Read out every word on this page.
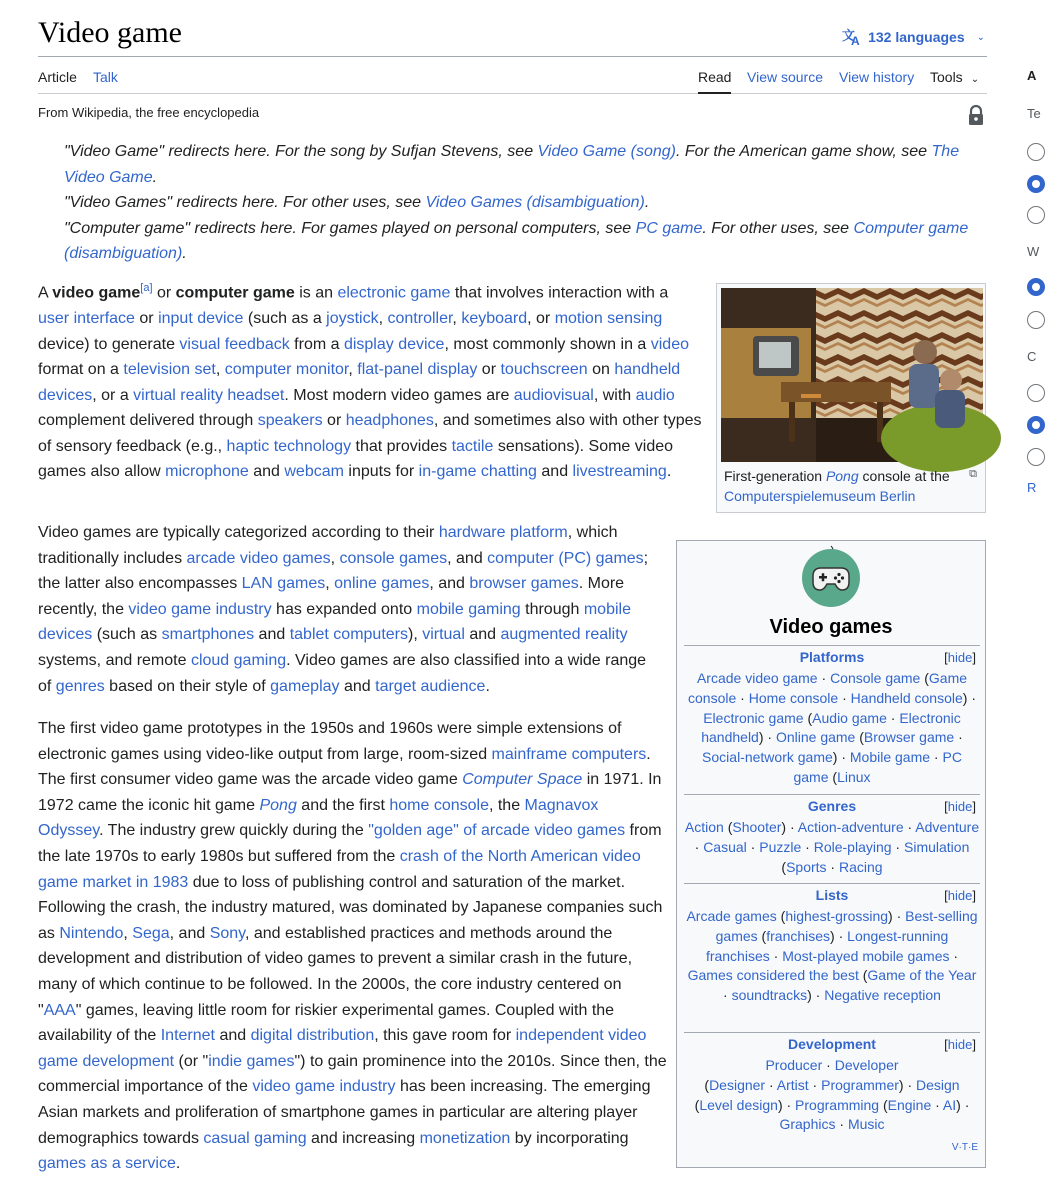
Video game	文
A 132 languages ⌄
Article Talk	Read View source View history Tools ⌄
From Wikipedia, the free encyclopedia

"Video Game" redirects here. For the song by Sufjan Stevens, see Video Game (song). For the American game show, see The Video Game.

"Video Games" redirects here. For other uses, see Video Games (disambiguation).

"Computer game" redirects here. For games played on personal computers, see PC game. For other uses, see Computer game (disambiguation).

A video game[a] or computer game is an electronic game that involves interaction with a user interface or input device (such as a joystick, controller, keyboard, or motion sensing device) to generate visual feedback from a display device, most commonly shown in a video format on a television set, computer monitor, flat-panel display or touchscreen on handheld devices, or a virtual reality headset. Most modern video games are audiovisual, with audio complement delivered through speakers or headphones, and sometimes also with other types of sensory feedback (e.g., haptic technology that provides tactile sensations). Some video games also allow microphone and webcam inputs for in-game chatting and livestreaming.

Video games are typically categorized according to their hardware platform, which traditionally includes arcade video games, console games, and computer (PC) games; the latter also encompasses LAN games, online games, and browser games. More recently, the video game industry has expanded onto mobile gaming through mobile devices (such as smartphones and tablet computers), virtual and augmented reality systems, and remote cloud gaming. Video games are also classified into a wide range of genres based on their style of gameplay and target audience.

The first video game prototypes in the 1950s and 1960s were simple extensions of electronic games using video-like output from large, room-sized mainframe computers. The first consumer video game was the arcade video game Computer Space in 1971. In 1972 came the iconic hit game Pong and the first home console, the Magnavox Odyssey. The industry grew quickly during the "golden age" of arcade video games from the late 1970s to early 1980s but suffered from the crash of the North American video game market in 1983 due to loss of publishing control and saturation of the market. Following the crash, the industry matured, was dominated by Japanese companies such as Nintendo, Sega, and Sony, and established practices and methods around the development and distribution of video games to prevent a similar crash in the future, many of which continue to be followed. In the 2000s, the core industry centered on "AAA" games, leaving little room for riskier experimental games. Coupled with the availability of the Internet and digital distribution, this gave room for independent video game development (or "indie games") to gain prominence into the 2010s. Since then, the commercial importance of the video game industry has been increasing. The emerging Asian markets and proliferation of smartphone games in particular are altering player demographics towards casual gaming and increasing monetization by incorporating games as a service.

First-generation Pong console at the Computerspielemuseum Berlin
⧉
Video games
Platforms	[hide]
Arcade video game · Console game (Game console · Home console · Handheld console) · Electronic game (Audio game · Electronic handheld) · Online game (Browser game · Social-network game) · Mobile game · PC game (Linux
Genres	[hide]
Action (Shooter) · Action-adventure · Adventure · Casual · Puzzle · Role-playing · Simulation (Sports · Racing
Lists	[hide]
Arcade games (highest-grossing) · Best-selling games (franchises) · Longest-running franchises · Most-played mobile games · Games considered the best (Game of the Year · soundtracks) · Negative reception
Development	[hide]
Producer · Developer
(Designer · Artist · Programmer) · Design (Level design) · Programming (Engine · AI) · Graphics · Music
V·T·E
A
Te
W
C
R
